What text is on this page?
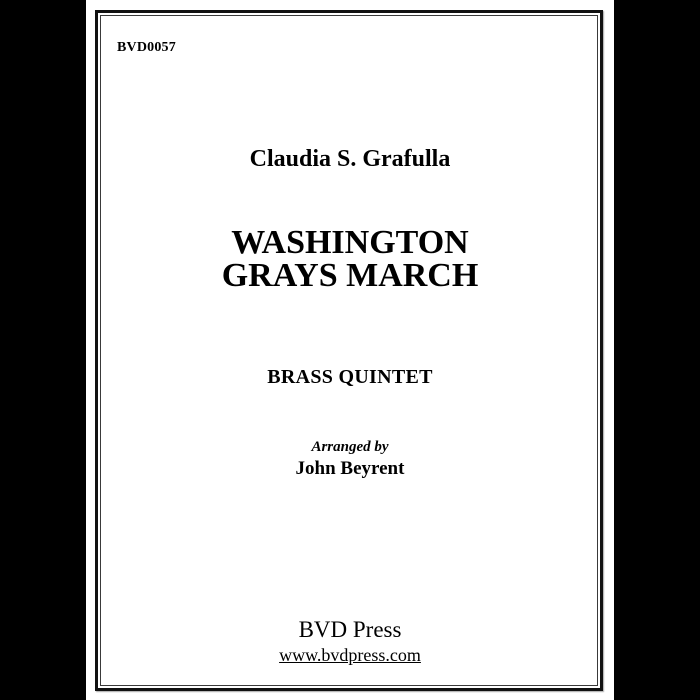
BVD0057
Claudia S. Grafulla
WASHINGTON
GRAYS MARCH
BRASS QUINTET
Arranged by
John Beyrent
BVD Press
www.bvdpress.com
